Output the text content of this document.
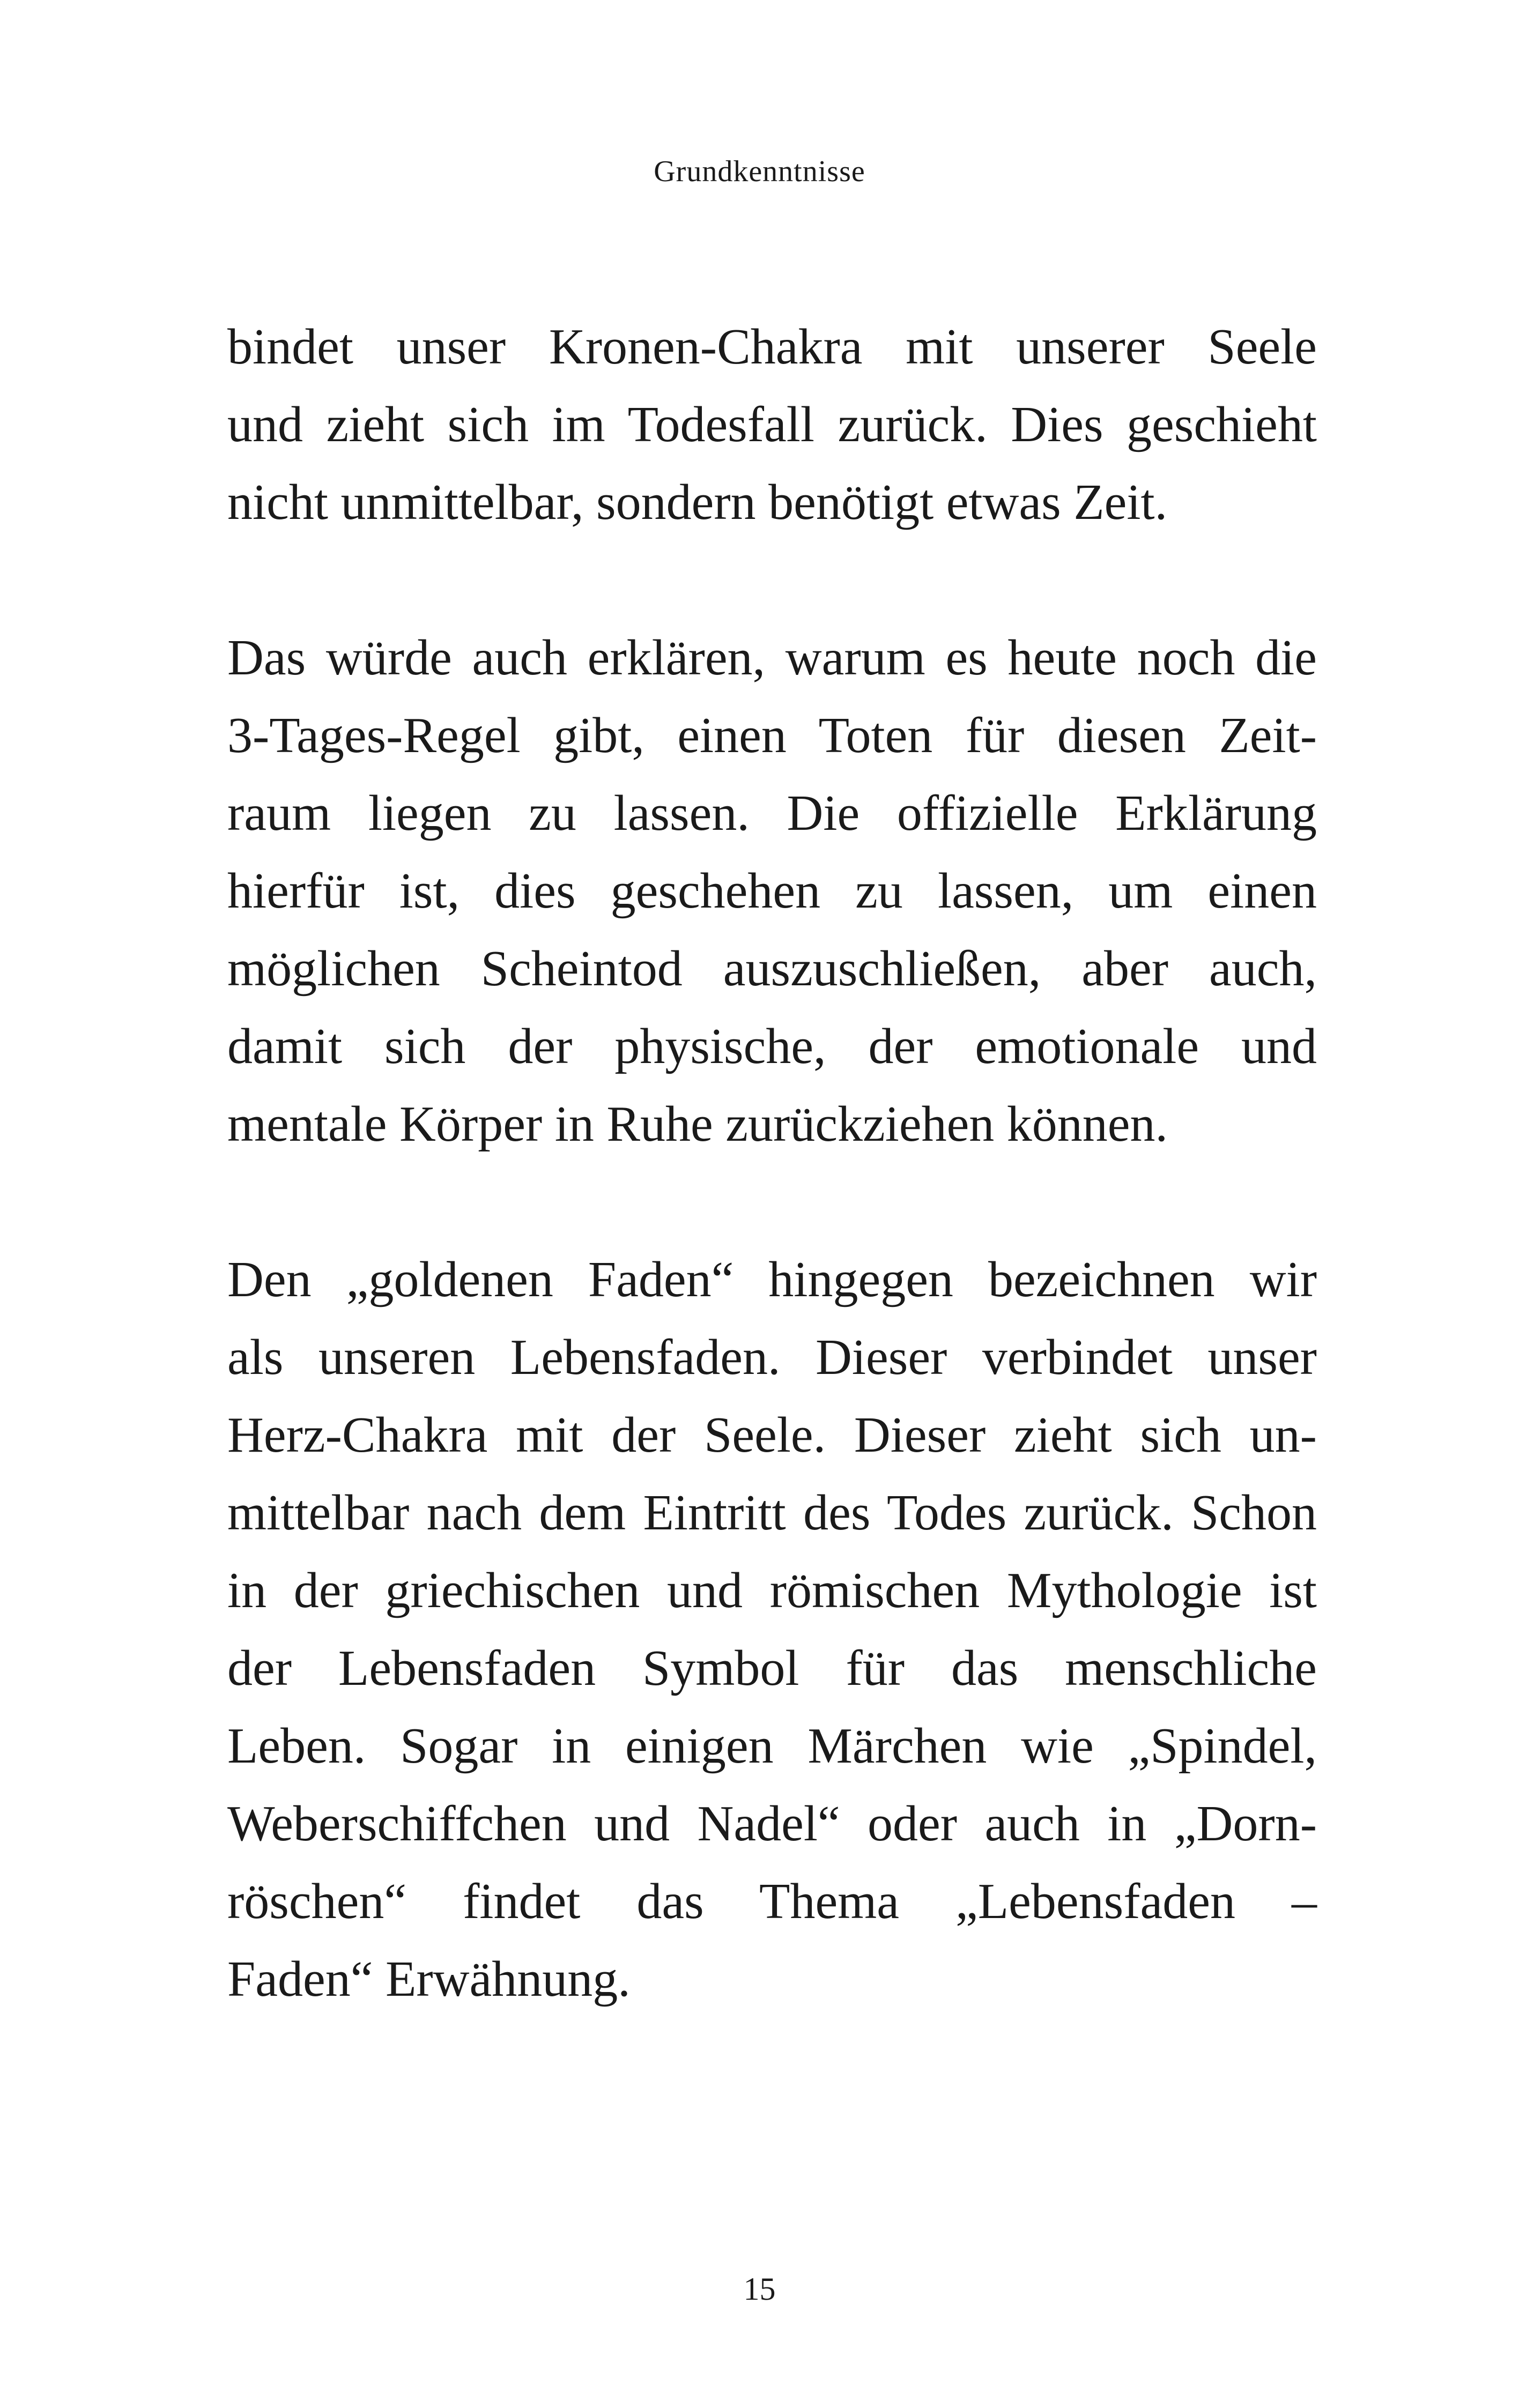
Grundkenntnisse
bindet unser Kronen-Chakra mit unserer Seele
und zieht sich im Todesfall zurück. Dies geschieht
nicht unmittelbar, sondern benötigt etwas Zeit.
Das würde auch erklären, warum es heute noch die
3-Tages-Regel gibt, einen Toten für diesen Zeit-
raum liegen zu lassen. Die offizielle Erklärung
hierfür ist, dies geschehen zu lassen, um einen
möglichen Scheintod auszuschließen, aber auch,
damit sich der physische, der emotionale und
mentale Körper in Ruhe zurückziehen können.
Den „goldenen Faden“ hingegen bezeichnen wir
als unseren Lebensfaden. Dieser verbindet unser
Herz-Chakra mit der Seele. Dieser zieht sich un-
mittelbar nach dem Eintritt des Todes zurück. Schon
in der griechischen und römischen Mythologie ist
der Lebensfaden Symbol für das menschliche
Leben. Sogar in einigen Märchen wie „Spindel,
Weberschiffchen und Nadel“ oder auch in „Dorn-
röschen“ findet das Thema „Lebensfaden –
Faden“ Erwähnung.
15
